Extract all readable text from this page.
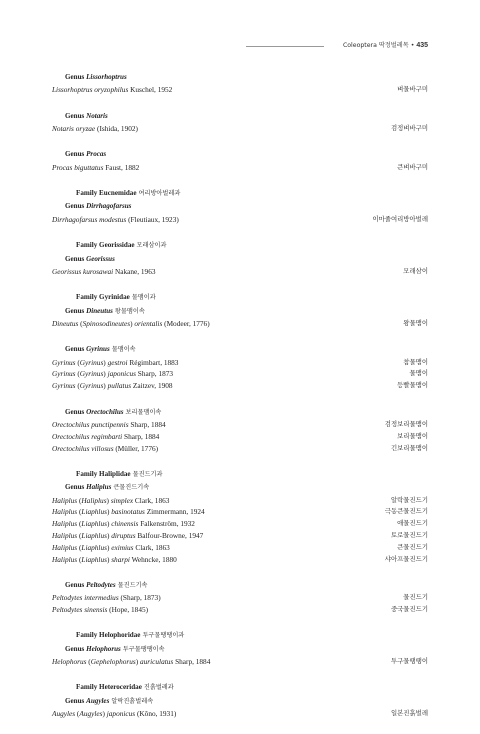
Coleoptera 딱정벌레목 • 435
Genus Lissorhoptrus
Lissorhoptrus oryzophilus Kuschel, 1952	벼물바구미
Genus Notaris
Notaris oryzae (Ishida, 1902)	검정벼바구미
Genus Procas
Procas biguttatus Faust, 1882	큰벼바구미
Family Eucnemidae 여리방아벌레과
Genus Dirrhagofarsus
Dirrhagofarsus modestus (Fleutiaux, 1923)	이마줄여리방아벌레
Family Georissidae 모래삼이과
Genus Georissus
Georissus kurosawai Nakane, 1963	모래삼이
Family Gyrinidae 물맴이과
Genus Dineutus 왕물맴이속
Dineutus (Spinosodineutes) orientalis (Modeer, 1776)	왕물맴이
Genus Gyrinus 물맴이속
Gyrinus (Gyrinus) gestroi Régimbart, 1883	참물맴이
Gyrinus (Gyrinus) japonicus Sharp, 1873	물맴이
Gyrinus (Gyrinus) pullatus Zaitzev, 1908	등빨물맴이
Genus Orectochilus 보리물맴이속
Orectochilus punctipennis Sharp, 1884	검정보리물맴이
Orectochilus regimbarti Sharp, 1884	보리물맴이
Orectochilus villosus (Müller, 1776)	긴보리물맴이
Family Haliplidae 물진드기과
Genus Haliplus 큰물진드기속
Haliplus (Haliplus) simplex Clark, 1863	알락물진드기
Haliplus (Liaphlus) basinotatus Zimmermann, 1924	극동큰물진드기
Haliplus (Liaphlus) chinensis Falkenström, 1932	애물진드기
Haliplus (Liaphlus) diruptus Balfour-Browne, 1947	토로물진드기
Haliplus (Liaphlus) eximius Clark, 1863	큰물진드기
Haliplus (Liaphlus) sharpi Wehncke, 1880	샤아프물진드기
Genus Peltodytes 물진드기속
Peltodytes intermedius (Sharp, 1873)	물진드기
Peltodytes sinensis (Hope, 1845)	중국물진드기
Family Helophoridae 투구물땡땡이과
Genus Helophorus 투구물땡땡이속
Helophorus (Gephelophorus) auriculatus Sharp, 1884	투구물땡땡이
Family Heteroceridae 진흙벌레과
Genus Augyles 알락진흙벌레속
Augyles (Augyles) japonicus (Kôno, 1931)	일본진흙벌레
